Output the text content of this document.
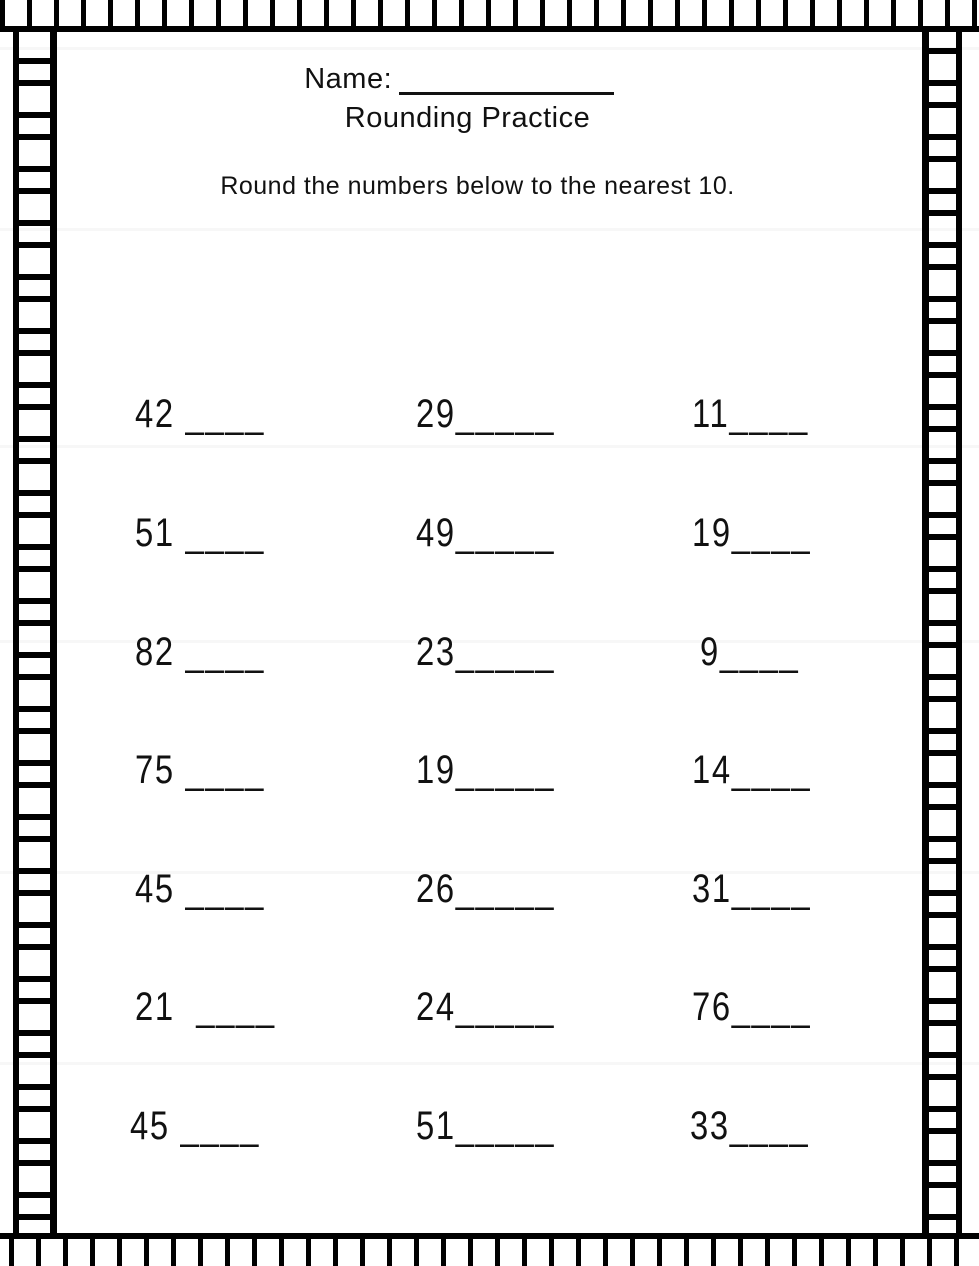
Name:

Rounding Practice
Round the numbers below to the nearest 10.
42 ____	29_____	11____
51 ____	49_____	19____
82 ____	23_____	9____
75 ____	19_____	14____
45 ____	26_____	31____
21  ____	24_____	76____
45 ____	51_____	33____
